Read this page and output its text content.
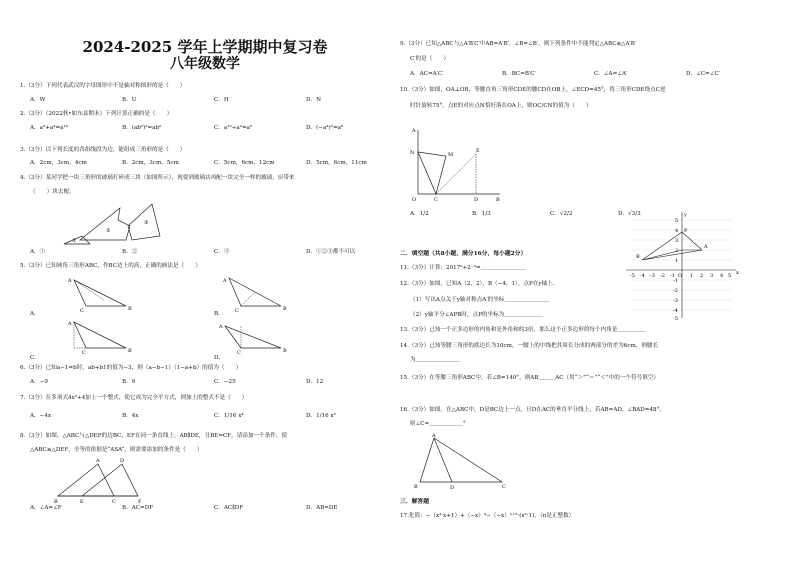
2024-2025 学年上学期期中复习卷
八年级数学
1.（3分）下列代表武汉的字母图形中不是轴对称图形的是（　　）
A．W	B．U	C．H	D．N
2.（3分）（2022秋•如东县期末）下列计算正确的是（　　）
A．a³+a⁴=a¹²	B．(ab²)³=ab⁶	C．a¹⁰÷a²=a⁵	D．(−a⁴)²=a⁸
3.（3分）以下列长度的各组线段为边，能组成三角形的是（　　）
A．2cm，3cm，4cm	B．2cm，3cm，5cm	C．5cm，6cm，12cm	D．5cm，6cm，11cm
4.（3分）某同学把一块三角形的玻璃打碎成三块（如图所示），现要到玻璃店再配一块完全一样的玻璃，应带来
（　　）块去配。
①
②
③
A．①	B．②	C．③	D．①②③都不可以
5.（3分）已知钝角三角形ABC，作BC边上的高，正确的画法是（　　）
A
C	B
A
C	B
A．	B．
A
C	B
A
C	B
C．	D．
6.（3分）已知a−1=b时，ab+b1的值为−3，则（a−b−1）（1−a+b）的值为（　　）
A．−9	B．9	C．−25	D．12
7.（3分）在多项式4x²+4加上一个整式，使它成为完全平方式，则加上的整式不是（　　）
A．−4x	B．4x	C．1/16 x⁴	D．1/16 x²
8.（3分）如图，△ABC与△DEF的边BC，EF在同一条直线上，AB∥DE，且BE=CF，请添加一个条件，使
△ABC≌△DEF，全等的依据是“ASA”，则需要添加的条件是（　　）
A	D
B	E	C	F
A．∠A=∠F	B．AC=DF	C．AC∥DF	D．AB=DE
9.（3分）已知△ABC与△A′B′C′中AB=A′B′，∠B=∠B′，则下列条件中不能判定△ABC≌△A′B′
C′的是（　　）
A．AC=A′C′	B．BC=B′C′	C．∠A=∠A′	D．∠C=∠C′
10.（3分）如图，OA⊥OB，等腰直角三角形CDE的腰CD在OB上，∠ECD=45°，将三角形CDE绕点C逆
时针旋转75°，点E的对应点N恰好落在OA上，则OC/CN的值为（　　）
A
N	M
E
O	C	D	B
A．1/2	B．1/3	C．√2/2	D．√3/3
二．填空题（共8小题，满分16分，每小题2分）	B
A
P
x
y
-5 -4 -3 -2 -1 O 1 2 3 4 5
5
4
3
2
1
-1
-2
-3
-4
-5
11.（3分）计算：2017⁰+2⁻²=＿＿＿＿＿＿＿＿
12.（3分）如图，已知A（2，2），B（−4，1），点P在y轴上．
（1）写出A点关于y轴对称点A′的坐标＿＿＿＿＿＿＿＿
（2）y轴平分∠APB时，点P的坐标为＿＿＿＿＿＿＿
13.（3分）已知一个正多边形的内角和是外角和的3倍，那么这个正多边形的每个内角是＿＿＿＿＿
14.（3分）已知等腰三角形的底边长为10cm，一腰上的中线把其周长分成的两部分的差为6cm，则腰长
为＿＿＿＿＿＿＿＿
15.（3分）在等腰三角形ABC中，若∠B=140°，则AB＿＿＿AC（用“＞”“＝”“＜”中的一个符号填空）
16.（3分）如图，在△ABC中，D是BC边上一点，且D在AC的垂直平分线上，若AB=AD，∠BAD=48°，
则∠C=＿＿＿＿＿＿°
A
B	D	C
三．解答题
17.化简：−（x³·x+1）+（−x）⁴−（−x）ⁿ⁺²·(x²·1)，（n是正整数）
